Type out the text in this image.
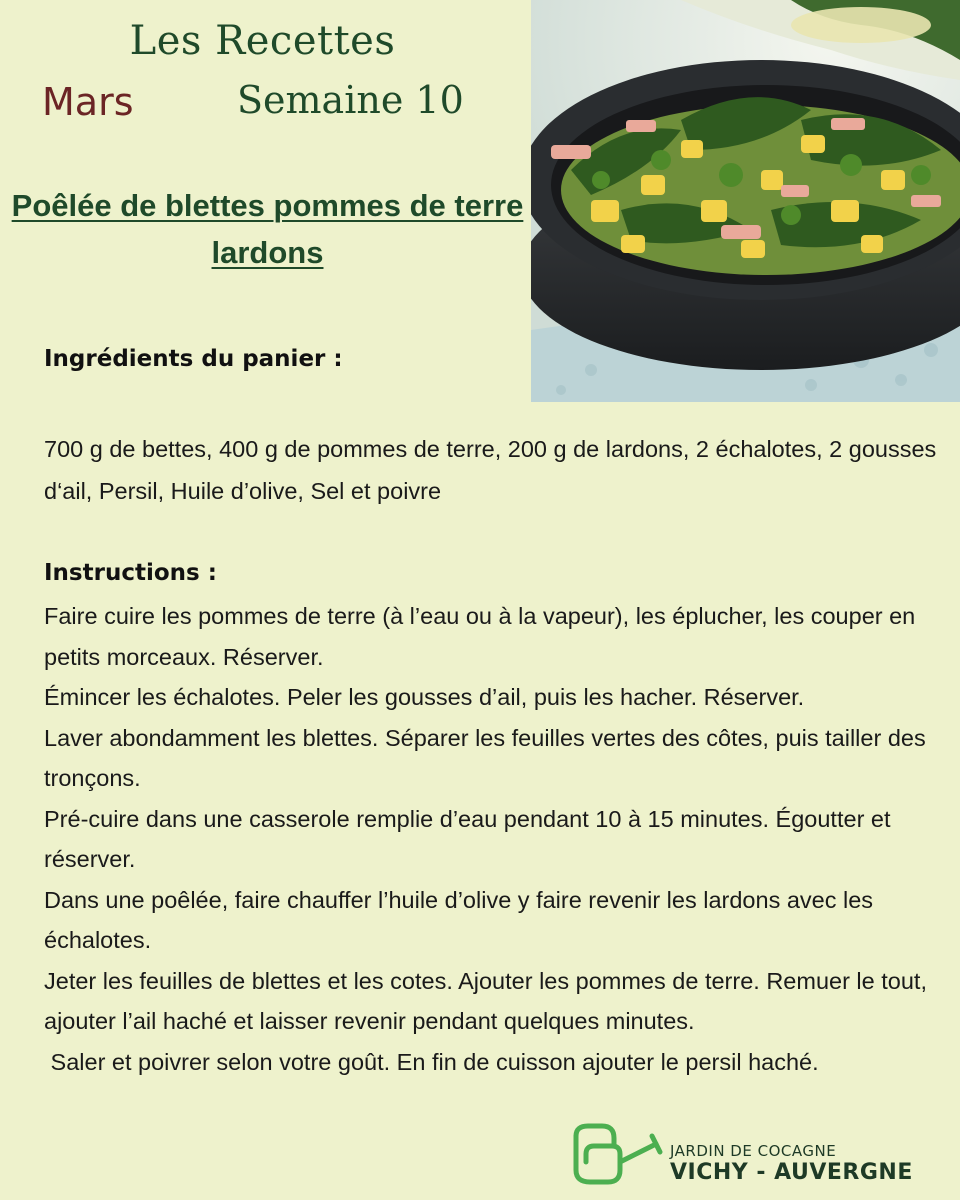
Les Recettes
Mars	Semaine 10
Poêlée de blettes pommes de terre lardons
Ingrédients du panier :
700 g de bettes, 400 g de pommes de terre, 200 g de lardons, 2 échalotes, 2 gousses d‘ail, Persil, Huile d’olive, Sel et poivre
Instructions :
Faire cuire les pommes de terre (à l’eau ou à la vapeur), les éplucher, les couper en petits morceaux. Réserver.
Émincer les échalotes. Peler les gousses d’ail, puis les hacher. Réserver.
Laver abondamment les blettes. Séparer les feuilles vertes des côtes, puis tailler des tronçons.
Pré-cuire dans une casserole remplie d’eau pendant 10 à 15 minutes. Égoutter et réserver.
Dans une poêlée, faire chauffer l’huile d’olive y faire revenir les lardons avec les échalotes.
Jeter les feuilles de blettes et les cotes. Ajouter les pommes de terre. Remuer le tout, ajouter l’ail haché et laisser revenir pendant quelques minutes.
Saler et poivrer selon votre goût. En fin de cuisson ajouter le persil haché.
JARDIN DE COCAGNE
VICHY - AUVERGNE
